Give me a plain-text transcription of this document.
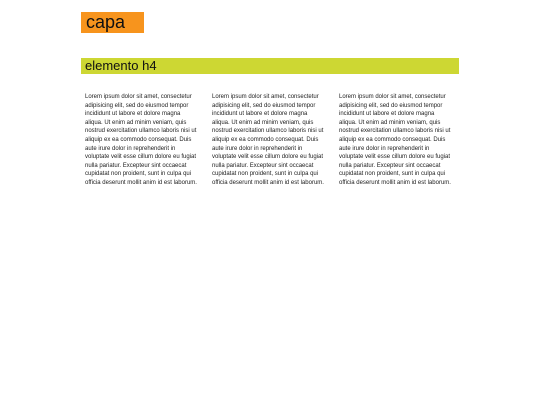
capa
elemento h4

Lorem ipsum dolor sit amet, consectetur adipisicing elit, sed do eiusmod tempor incididunt ut labore et dolore magna aliqua. Ut enim ad minim veniam, quis nostrud exercitation ullamco laboris nisi ut aliquip ex ea commodo consequat. Duis aute irure dolor in reprehenderit in voluptate velit esse cillum dolore eu fugiat nulla pariatur. Excepteur sint occaecat cupidatat non proident, sunt in culpa qui officia deserunt mollit anim id est laborum.

Lorem ipsum dolor sit amet, consectetur adipisicing elit, sed do eiusmod tempor incididunt ut labore et dolore magna aliqua. Ut enim ad minim veniam, quis nostrud exercitation ullamco laboris nisi ut aliquip ex ea commodo consequat. Duis aute irure dolor in reprehenderit in voluptate velit esse cillum dolore eu fugiat nulla pariatur. Excepteur sint occaecat cupidatat non proident, sunt in culpa qui officia deserunt mollit anim id est laborum.

Lorem ipsum dolor sit amet, consectetur adipisicing elit, sed do eiusmod tempor incididunt ut labore et dolore magna aliqua. Ut enim ad minim veniam, quis nostrud exercitation ullamco laboris nisi ut aliquip ex ea commodo consequat. Duis aute irure dolor in reprehenderit in voluptate velit esse cillum dolore eu fugiat nulla pariatur. Excepteur sint occaecat cupidatat non proident, sunt in culpa qui officia deserunt mollit anim id est laborum.
